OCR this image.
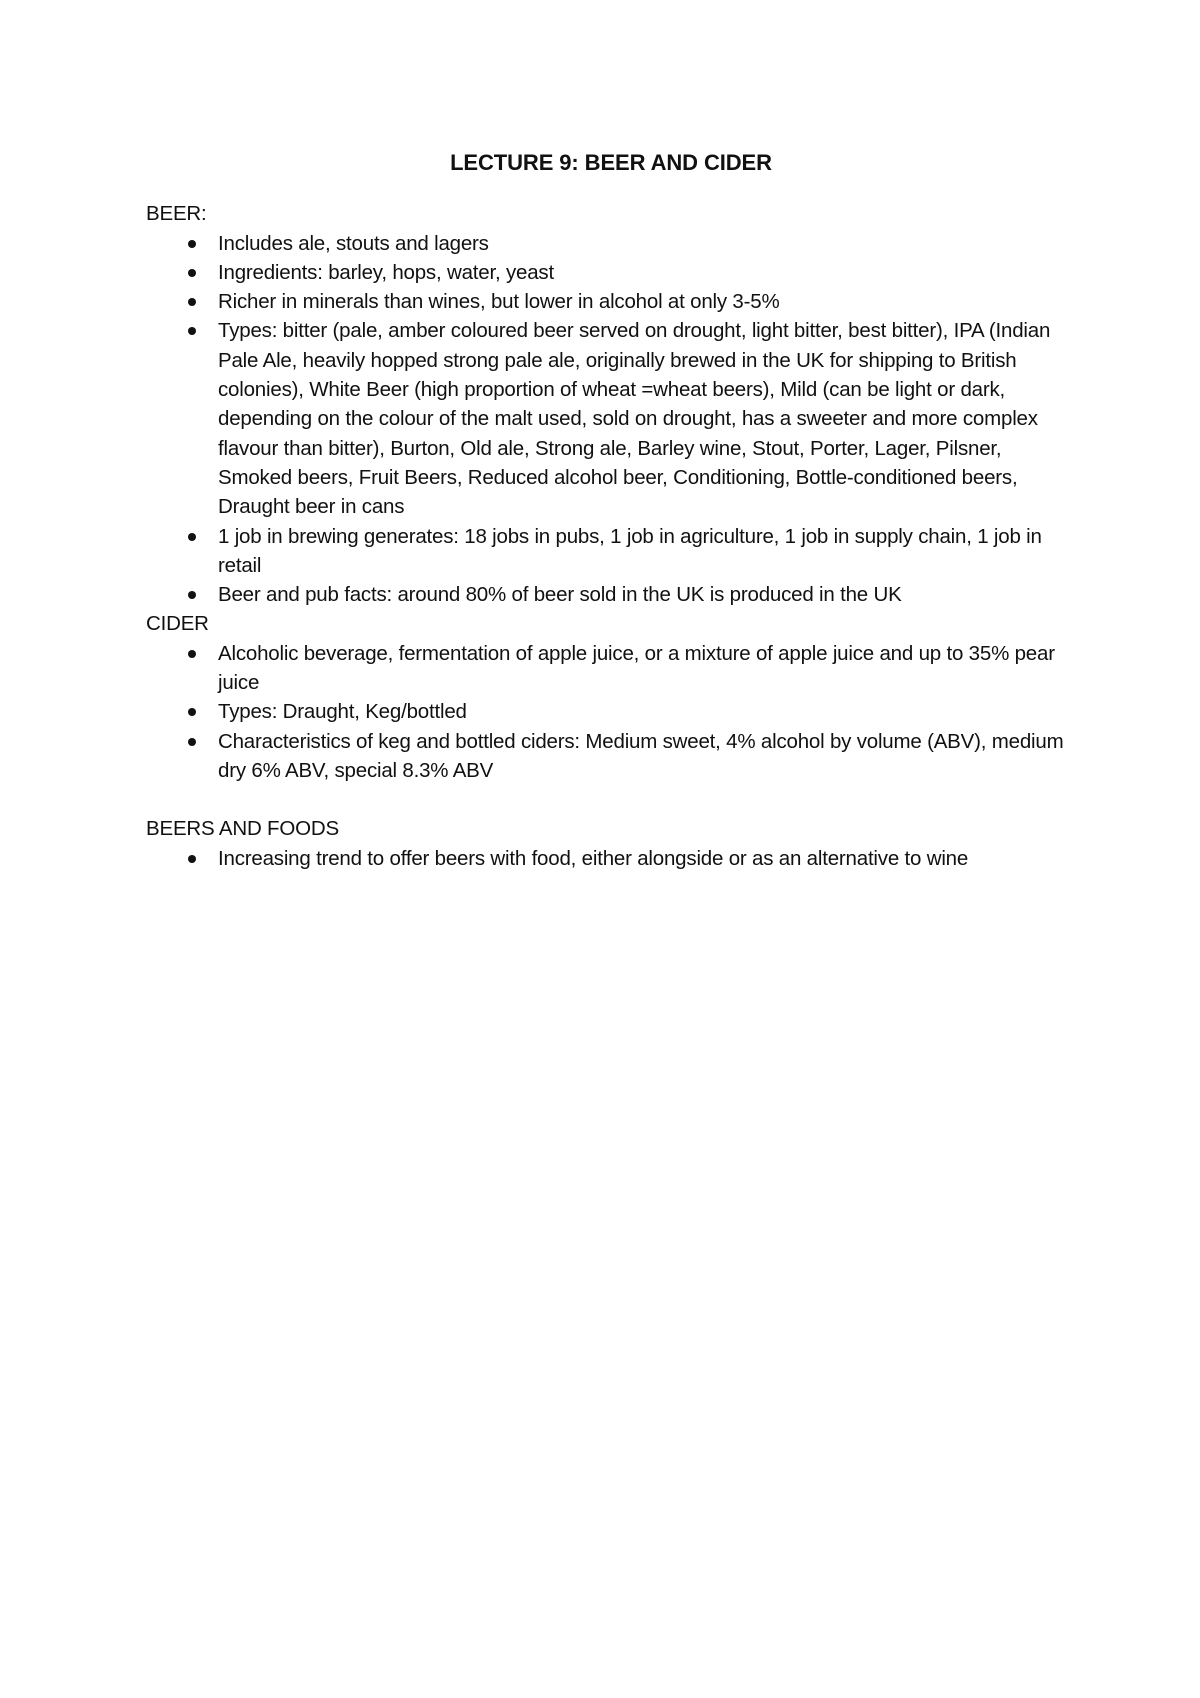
LECTURE 9: BEER AND CIDER
BEER:
Includes ale, stouts and lagers
Ingredients: barley, hops, water, yeast
Richer in minerals than wines, but lower in alcohol at only 3-5%
Types: bitter (pale, amber coloured beer served on drought, light bitter, best bitter), IPA (Indian Pale Ale, heavily hopped strong pale ale, originally brewed in the UK for shipping to British colonies), White Beer (high proportion of wheat =wheat beers), Mild (can be light or dark, depending on the colour of the malt used, sold on drought, has a sweeter and more complex flavour than bitter), Burton, Old ale, Strong ale, Barley wine, Stout, Porter, Lager, Pilsner, Smoked beers, Fruit Beers, Reduced alcohol beer, Conditioning, Bottle-conditioned beers, Draught beer in cans
1 job in brewing generates: 18 jobs in pubs, 1 job in agriculture, 1 job in supply chain, 1 job in retail
Beer and pub facts: around 80% of beer sold in the UK is produced in the UK
CIDER
Alcoholic beverage, fermentation of apple juice, or a mixture of apple juice and up to 35% pear juice
Types: Draught, Keg/bottled
Characteristics of keg and bottled ciders: Medium sweet, 4% alcohol by volume (ABV), medium dry 6% ABV, special 8.3% ABV
BEERS AND FOODS
Increasing trend to offer beers with food, either alongside or as an alternative to wine
